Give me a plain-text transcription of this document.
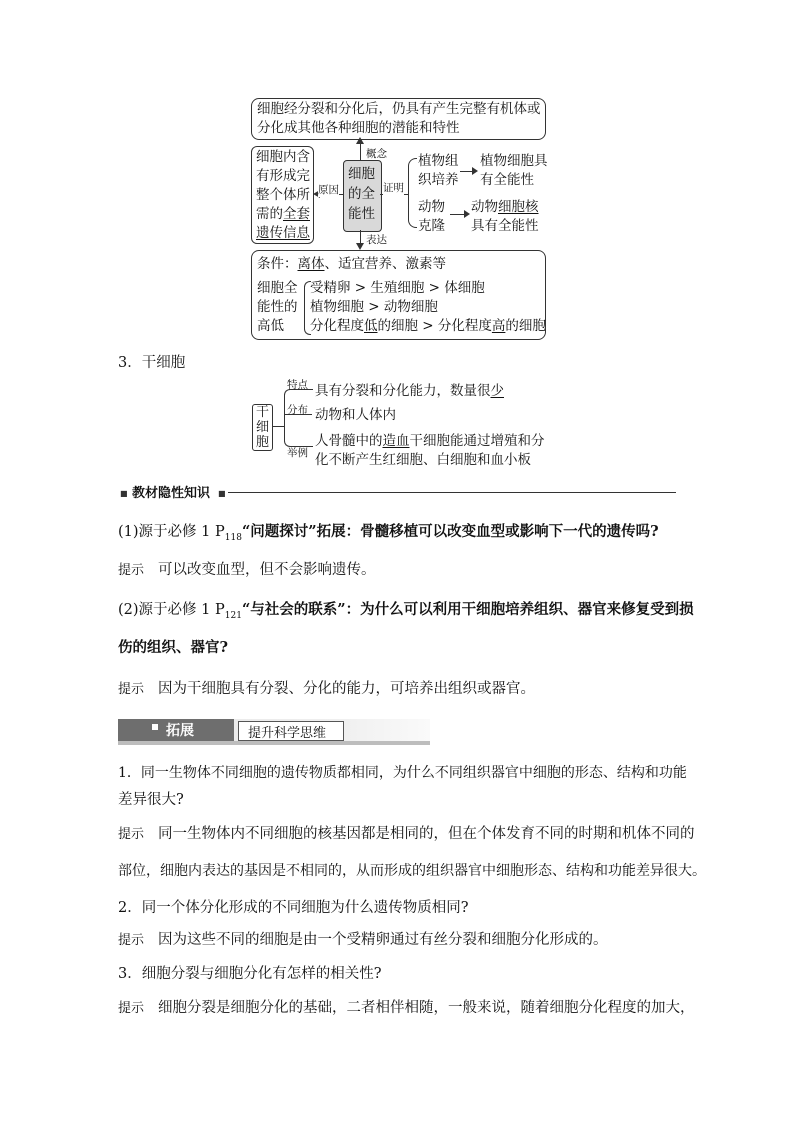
细胞经分裂和分化后，仍具有产生完整有机体或
分化成其他各种细胞的潜能和特性
概念
细胞内含
有形成完
整个体所
需的全套
遗传信息
原因
细胞
的全
能性
证明
植物组
织培养
植物细胞具
有全能性
动物
克隆
动物细胞核
具有全能性
表达
条件：离体、适宜营养、激素等
细胞全
能性的
高低
受精卵 > 生殖细胞 > 体细胞
植物细胞 > 动物细胞
分化程度低的细胞 > 分化程度高的细胞
3．干细胞
干
细
胞
特点 具有分裂和分化能力，数量很少
分布 动物和人体内
举例
人骨髓中的造血干细胞能通过增殖和分
化不断产生红细胞、白细胞和血小板
■ 教材隐性知识 ■
(1)源于必修 1 $P_{118}“$问题探讨”拓展：骨髓移植可以改变血型或影响下一代的遗传吗?
提示 可以改变血型，但不会影响遗传。
(2)源于必修 1 $P_{121}“$与社会的联系”：为什么可以利用干细胞培养组织、器官来修复受到损
伤的组织、器官?
提示 因为干细胞具有分裂、分化的能力，可培养出组织或器官。
拓展	提升科学思维
1．同一生物体不同细胞的遗传物质都相同，为什么不同组织器官中细胞的形态、结构和功能
差异很大?
提示 同一生物体内不同细胞的核基因都是相同的，但在个体发育不同的时期和机体不同的
部位，细胞内表达的基因是不相同的，从而形成的组织器官中细胞形态、结构和功能差异很大。
2．同一个体分化形成的不同细胞为什么遗传物质相同?
提示 因为这些不同的细胞是由一个受精卵通过有丝分裂和细胞分化形成的。
3．细胞分裂与细胞分化有怎样的相关性?
提示 细胞分裂是细胞分化的基础，二者相伴相随，一般来说，随着细胞分化程度的加大，
